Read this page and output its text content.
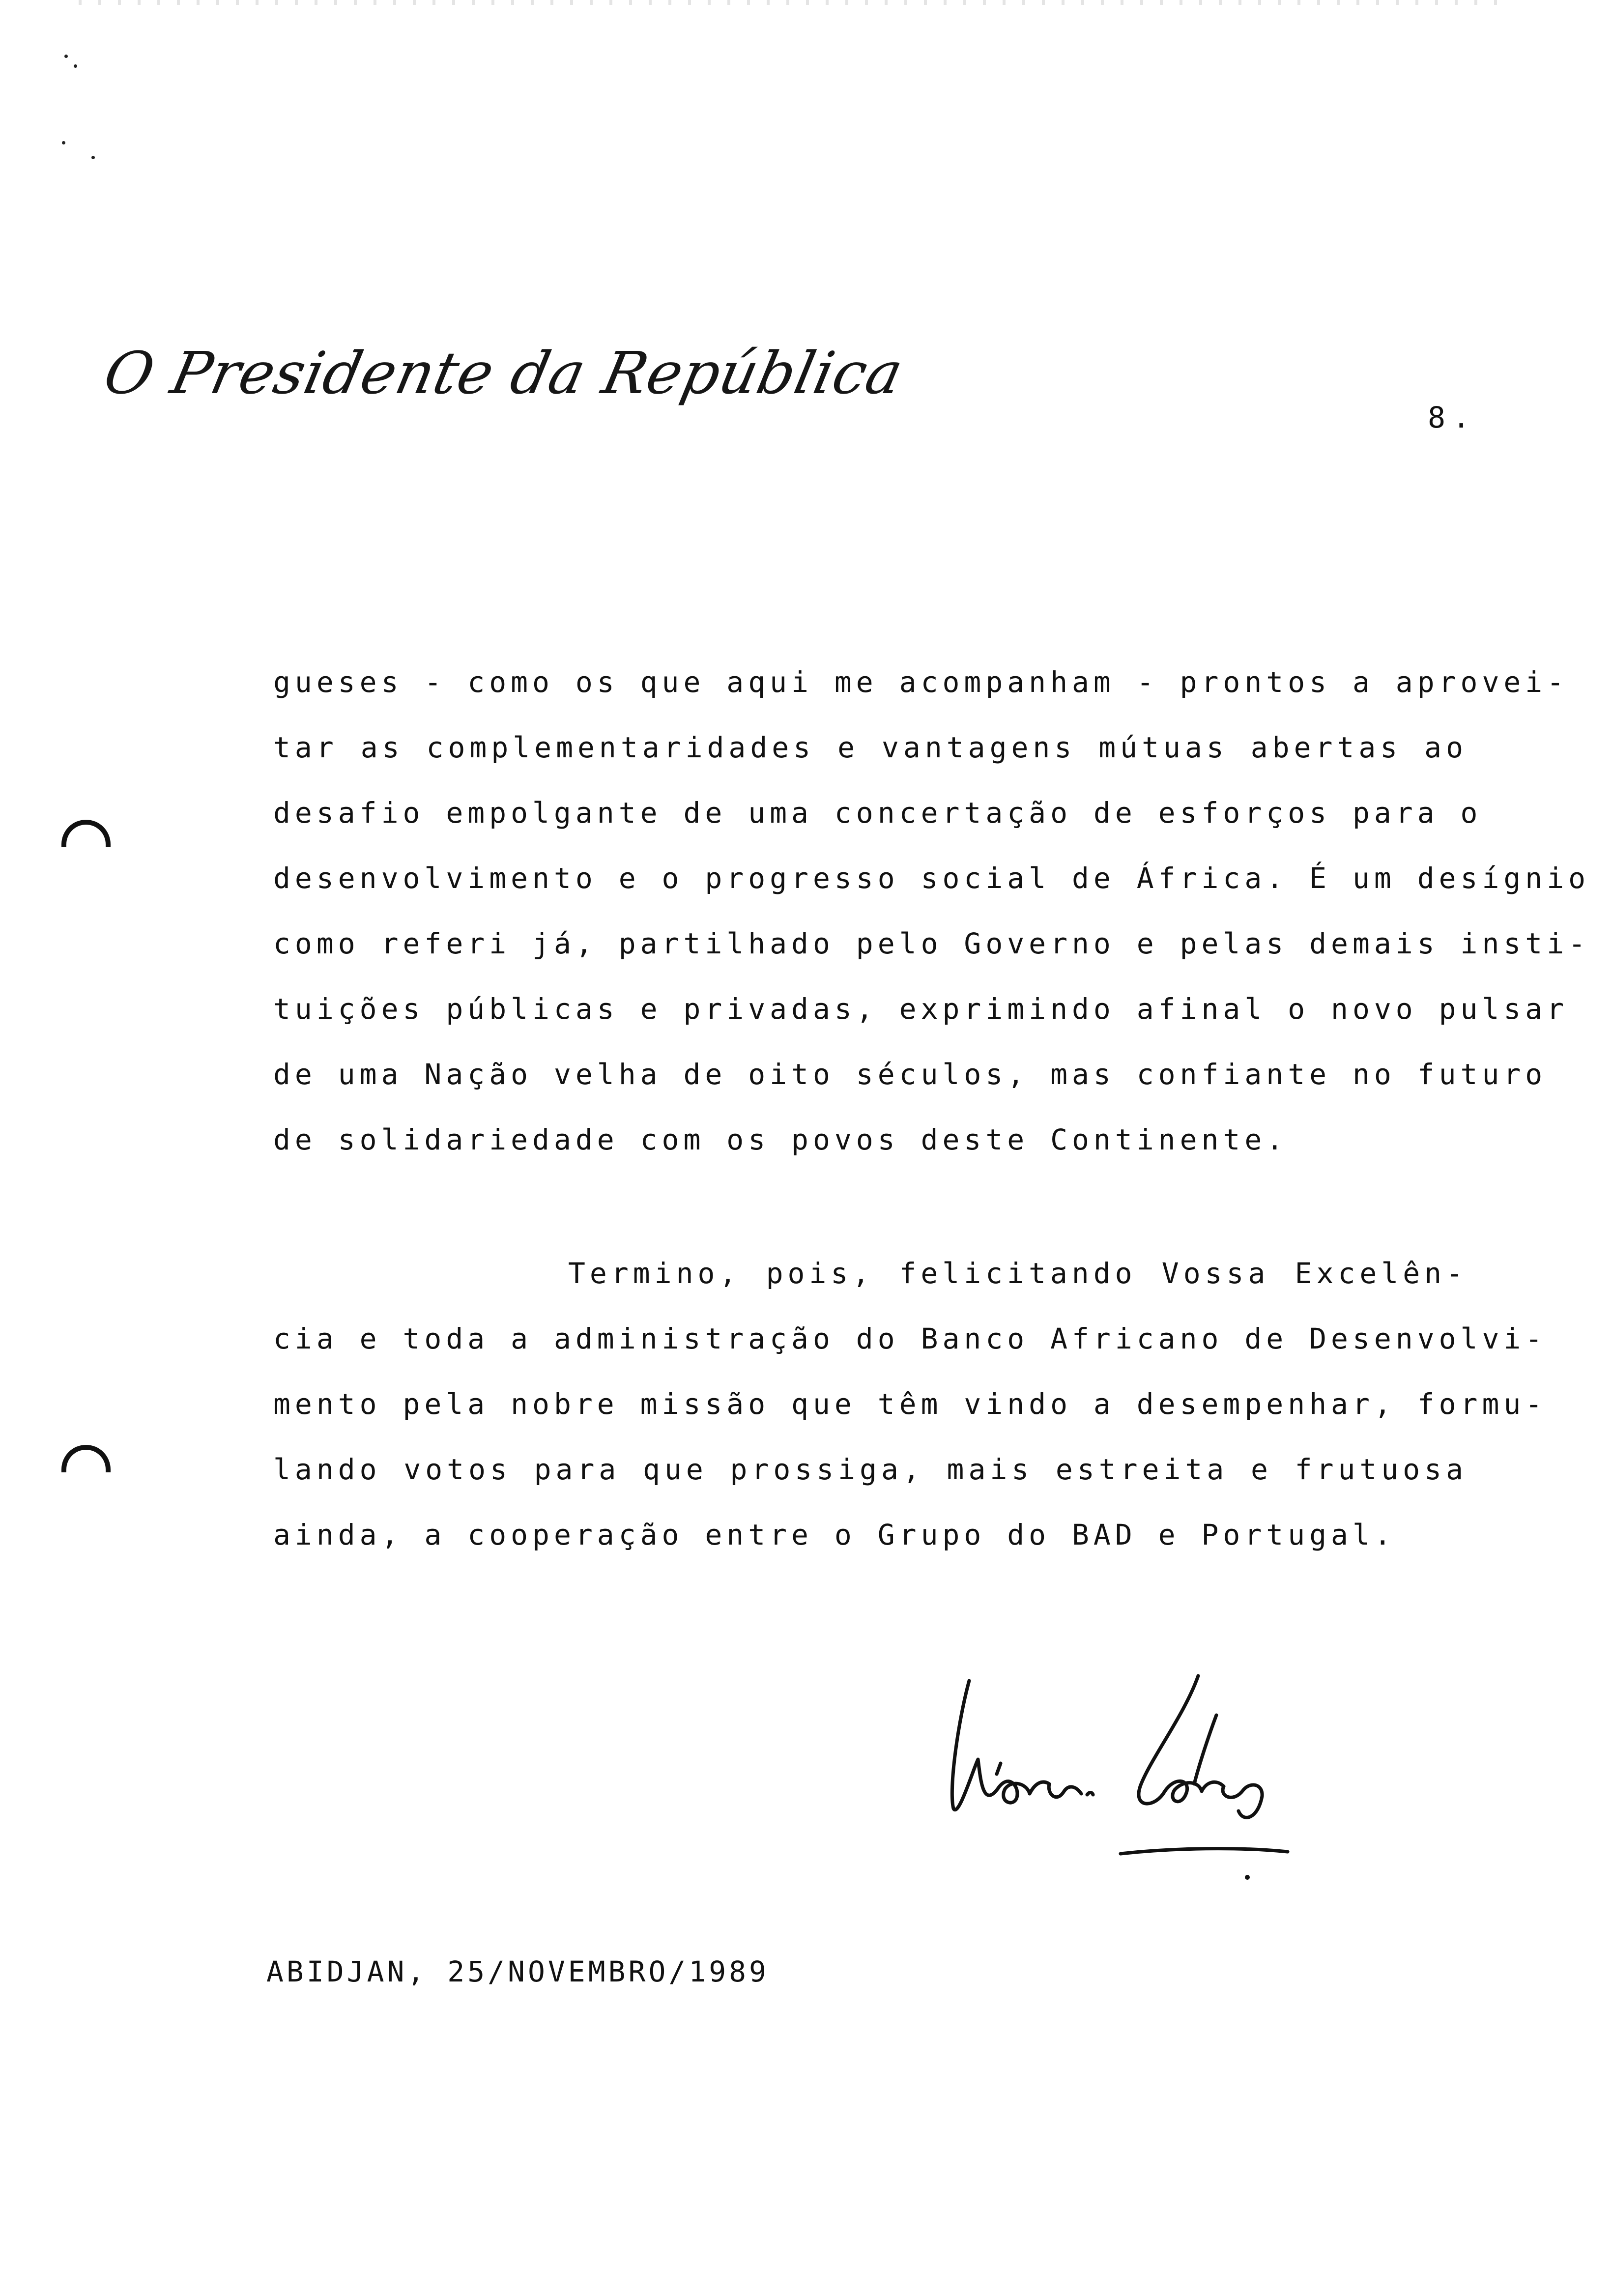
O Presidente da República
8.
gueses - como os que aqui me acompanham - prontos a aprovei-
tar as complementaridades e vantagens mútuas abertas ao
desafio empolgante de uma concertação de esforços para o
desenvolvimento e o progresso social de África. É um desígnio
como referi já, partilhado pelo Governo e pelas demais insti-
tuições públicas e privadas, exprimindo afinal o novo pulsar
de uma Nação velha de oito séculos, mas confiante no futuro
de solidariedade com os povos deste Continente.
Termino, pois, felicitando Vossa Excelên-
cia e toda a administração do Banco Africano de Desenvolvi-
mento pela nobre missão que têm vindo a desempenhar, formu-
lando votos para que prossiga, mais estreita e frutuosa
ainda, a cooperação entre o Grupo do BAD e Portugal.
ABIDJAN, 25/NOVEMBRO/1989
